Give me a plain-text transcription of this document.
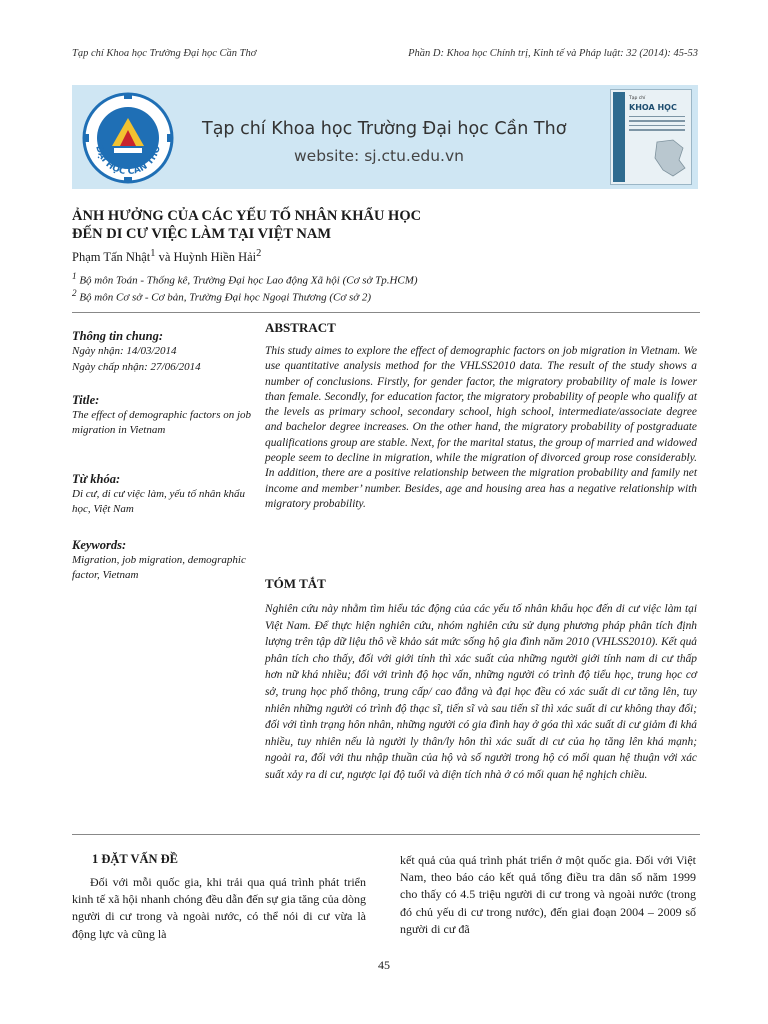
Tạp chí Khoa học Trường Đại học Cần Thơ	Phần D: Khoa học Chính trị, Kinh tế và Pháp luật: 32 (2014): 45-53
ĐẠI HỌC CẦN THƠ
Tạp chí Khoa học Trường Đại học Cần Thơ
website: sj.ctu.edu.vn
Tạp chí
KHOA HỌC
ẢNH HƯỞNG CỦA CÁC YẾU TỐ NHÂN KHẨU HỌC
ĐẾN DI CƯ VIỆC LÀM TẠI VIỆT NAM
Phạm Tấn Nhật$^1$ và Huỳnh Hiền Hải$^2$
$^1$ Bộ môn Toán - Thống kê, Trường Đại học Lao động Xã hội (Cơ sở Tp.HCM)
$^2$ Bộ môn Cơ sở - Cơ bản, Trường Đại học Ngoại Thương (Cơ sở 2)
Thông tin chung:
Ngày nhận: 14/03/2014
Ngày chấp nhận: 27/06/2014
Title:
The effect of demographic factors on job migration in Vietnam
Từ khóa:
Di cư, di cư việc làm, yếu tố nhân khẩu học, Việt Nam
Keywords:
Migration, job migration, demographic factor, Vietnam
ABSTRACT

This study aimes to explore the effect of demographic factors on job migration in Vietnam. We use quantitative analysis method for the VHLSS2010 data. The result of the study shows a number of conclusions. Firstly, for gender factor, the migratory probability of male is lower than female. Secondly, for education factor, the migratory probability of people who qualify at the levels as primary school, secondary school, high school, intermediate/associate degree and bachelor degree increases. On the other hand, the migratory probability of postgraduate qualifications group are stable. Next, for the marital status, the group of married and widowed people seem to decline in migration, while the migration of divorced group rose considerably. In addition, there are a positive relationship between the migration probability and family net income and member’ number. Besides, age and housing area has a negative relationship with migratory probability.

TÓM TẮT

Nghiên cứu này nhằm tìm hiểu tác động của các yếu tố nhân khẩu học đến di cư việc làm tại Việt Nam. Để thực hiện nghiên cứu, nhóm nghiên cứu sử dụng phương pháp phân tích định lượng trên tập dữ liệu thô về khảo sát mức sống hộ gia đình năm 2010 (VHLSS2010). Kết quả phân tích cho thấy, đối với giới tính thì xác suất của những người giới tính nam di cư thấp hơn nữ khá nhiều; đối với trình độ học vấn, những người có trình độ tiểu học, trung học cơ sở, trung học phổ thông, trung cấp/ cao đẳng và đại học đều có xác suất di cư tăng lên, tuy nhiên những người có trình độ thạc sĩ, tiến sĩ và sau tiến sĩ thì xác suất di cư không thay đổi; đối với tình trạng hôn nhân, những người có gia đình hay ở góa thì xác suất di cư giảm đi khá nhiều, tuy nhiên nếu là người ly thân/ly hôn thì xác suất di cư của họ tăng lên khá mạnh; ngoài ra, đối với thu nhập thuần của hộ và số người trong hộ có mối quan hệ thuận với xác suất xảy ra di cư, ngược lại độ tuổi và diện tích nhà ở có mối quan hệ nghịch chiều.

1 ĐẶT VẤN ĐỀ

Đối với mỗi quốc gia, khi trải qua quá trình phát triển kinh tế xã hội nhanh chóng đều dẫn đến sự gia tăng của dòng người di cư trong và ngoài nước, có thể nói di cư vừa là động lực và cũng là

kết quả của quá trình phát triển ở một quốc gia. Đối với Việt Nam, theo báo cáo kết quả tổng điều tra dân số năm 1999 cho thấy có 4.5 triệu người di cư trong và ngoài nước (trong đó chủ yếu di cư trong nước), đến giai đoạn 2004 – 2009 số người di cư đã

45
